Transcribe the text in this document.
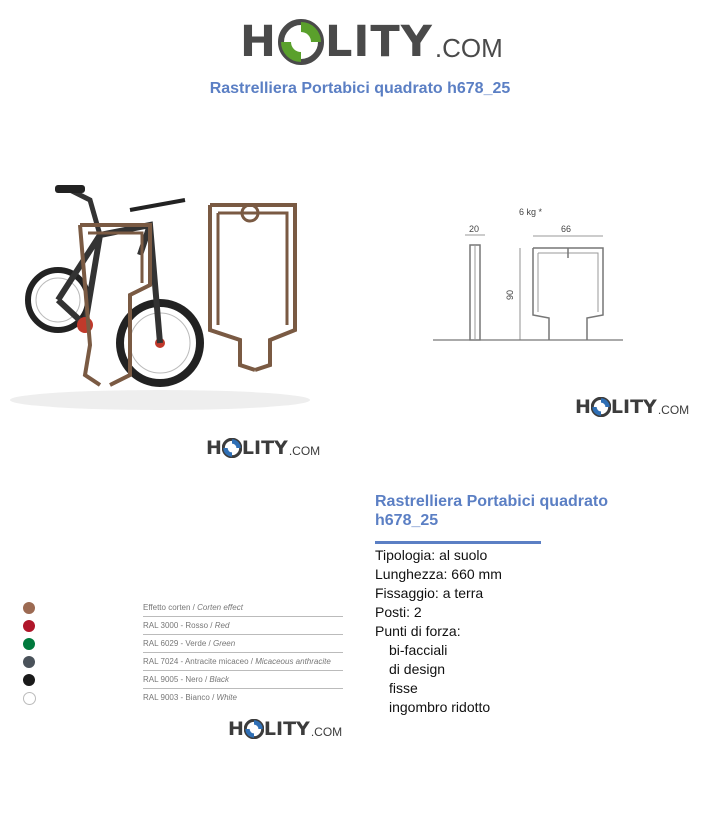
H LITY .COM
Rastrelliera Portabici quadrato h678_25
H LITY .COM
6 kg *
20	66
90
H LITY .COM
Effetto corten / Corten effect
RAL 3000 - Rosso / Red
RAL 6029 - Verde / Green
RAL 7024 - Antracite micaceo / Micaceous anthracite
RAL 9005 - Nero / Black
RAL 9003 - Bianco / White
H LITY .COM
Rastrelliera Portabici quadrato h678_25
Tipologia: al suolo
Lunghezza: 660 mm
Fissaggio: a terra
Posti: 2
Punti di forza:
bi-facciali
di design
fisse
ingombro ridotto
